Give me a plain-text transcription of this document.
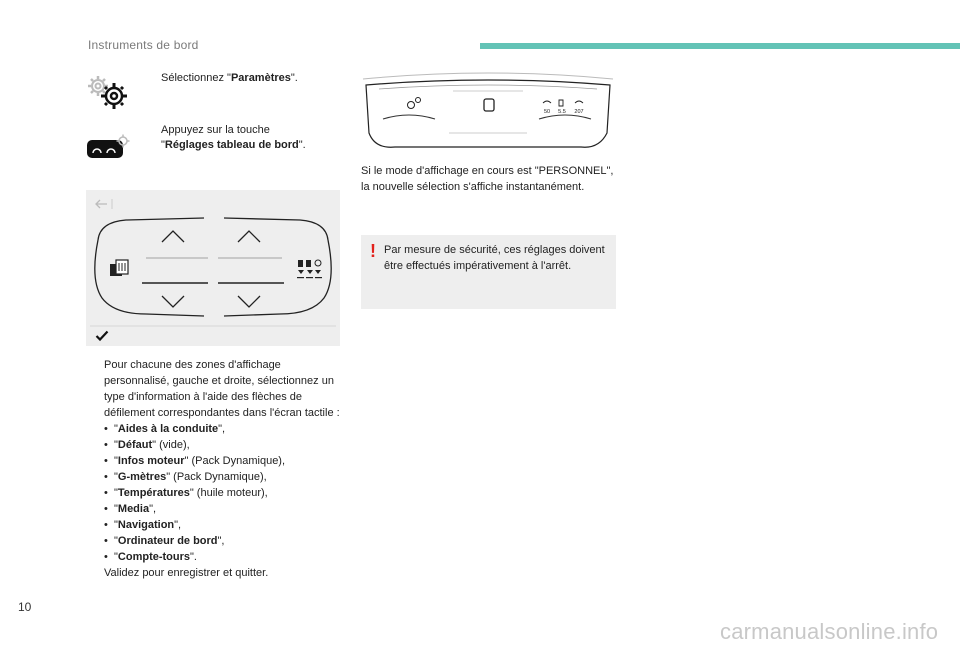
Instruments de bord
Sélectionnez "Paramètres".
Appuyez sur la touche
"Réglages tableau de bord".
50 5.5 207
Si le mode d'affichage en cours est "PERSONNEL", la nouvelle sélection s'affiche instantanément.
! Par mesure de sécurité, ces réglages doivent être effectués impérativement à l'arrêt.
Pour chacune des zones d'affichage personnalisé, gauche et droite, sélectionnez un type d'information à l'aide des flèches de défilement correspondantes dans l'écran tactile :
• "Aides à la conduite",
• "Défaut" (vide),
• "Infos moteur" (Pack Dynamique),
• "G-mètres" (Pack Dynamique),
• "Températures" (huile moteur),
• "Media",
• "Navigation",
• "Ordinateur de bord",
• "Compte-tours".
Validez pour enregistrer et quitter.
10
carmanualsonline.info
